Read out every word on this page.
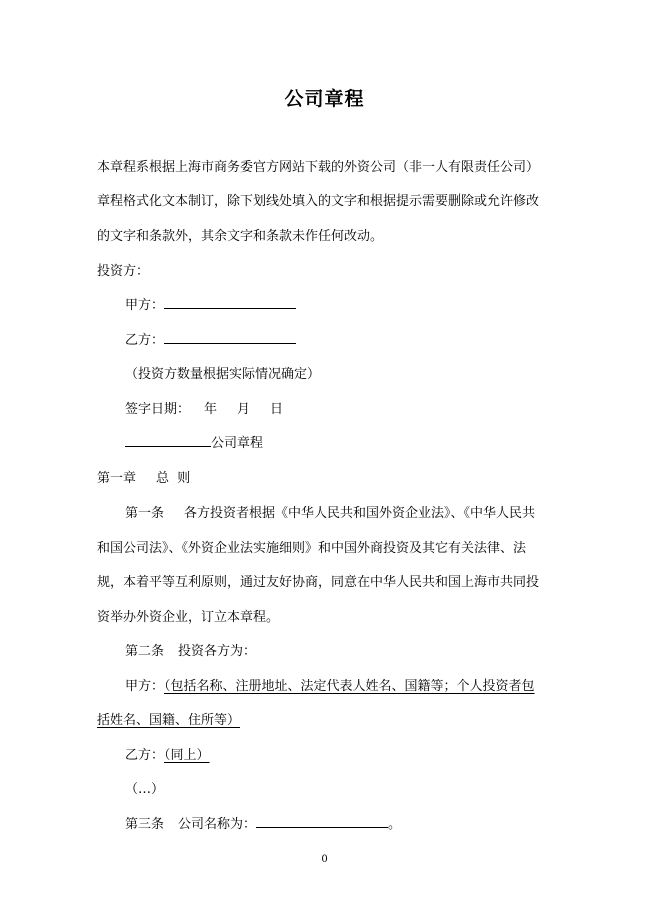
公司章程
本章程系根据上海市商务委官方网站下载的外资公司（非一人有限责任公司）
章程格式化文本制订，除下划线处填入的文字和根据提示需要删除或允许修改
的文字和条款外，其余文字和条款未作任何改动。
投资方：
甲方：
乙方：
（投资方数量根据实际情况确定）
签字日期： 年 月 日
公司章程
第一章 总  则
第一条 各方投资者根据《中华人民共和国外资企业法》、《中华人民共
和国公司法》、《外资企业法实施细则》和中国外商投资及其它有关法律、法
规，本着平等互利原则，通过友好协商，同意在中华人民共和国上海市共同投
资举办外资企业，订立本章程。
第二条 投资各方为：
甲方：（包括名称、注册地址、法定代表人姓名、国籍等；个人投资者包
括姓名、国籍、住所等）
乙方：（同上）
（…）
第三条 公司名称为：	。
0
